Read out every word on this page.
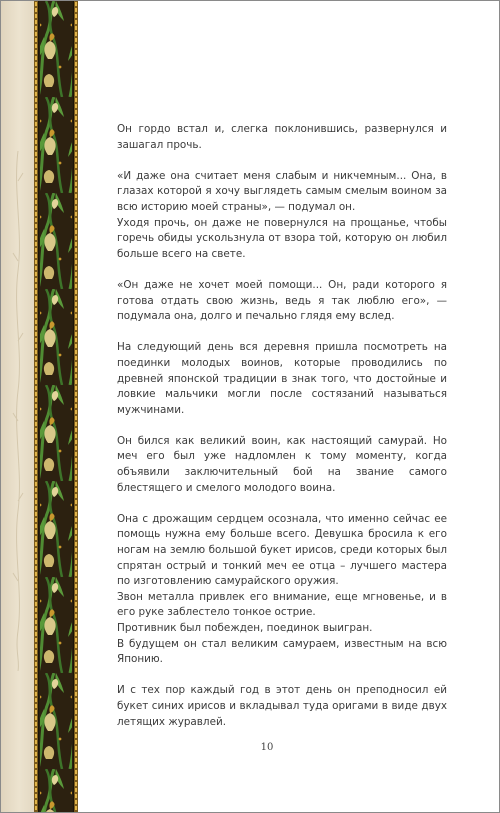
Он гордо встал и, слегка поклонившись, развернулся и зашагал прочь.

«И даже она считает меня слабым и никчемным... Она, в глазах которой я хочу выглядеть самым смелым воином за всю историю моей страны», — подумал он.

Уходя прочь, он даже не повернулся на прощанье, чтобы горечь обиды ускользнула от взора той, которую он любил больше всего на свете.

«Он даже не хочет моей помощи... Он, ради которого я готова отдать свою жизнь, ведь я так люблю его», — подумала она, долго и печально глядя ему вслед.

На следующий день вся деревня пришла посмотреть на поединки молодых воинов, которые проводились по древней японской традиции в знак того, что достойные и ловкие мальчики могли после состязаний называться мужчинами.

Он бился как великий воин, как настоящий самурай. Но меч его был уже надломлен к тому моменту, когда объявили заключительный бой на звание самого блестящего и смелого молодого воина.

Она с дрожащим сердцем осознала, что именно сейчас ее помощь нужна ему больше всего. Девушка бросила к его ногам на землю большой букет ирисов, среди которых был спрятан острый и тонкий меч ее отца – лучшего мастера по изготовлению самурайского оружия.

Звон металла привлек его внимание, еще мгновенье, и в его руке заблестело тонкое острие.

Противник был побежден, поединок выигран.

В будущем он стал великим самураем, известным на всю Японию.

И с тех пор каждый год в этот день он преподносил ей букет синих ирисов и вкладывал туда оригами в виде двух летящих журавлей.

10
